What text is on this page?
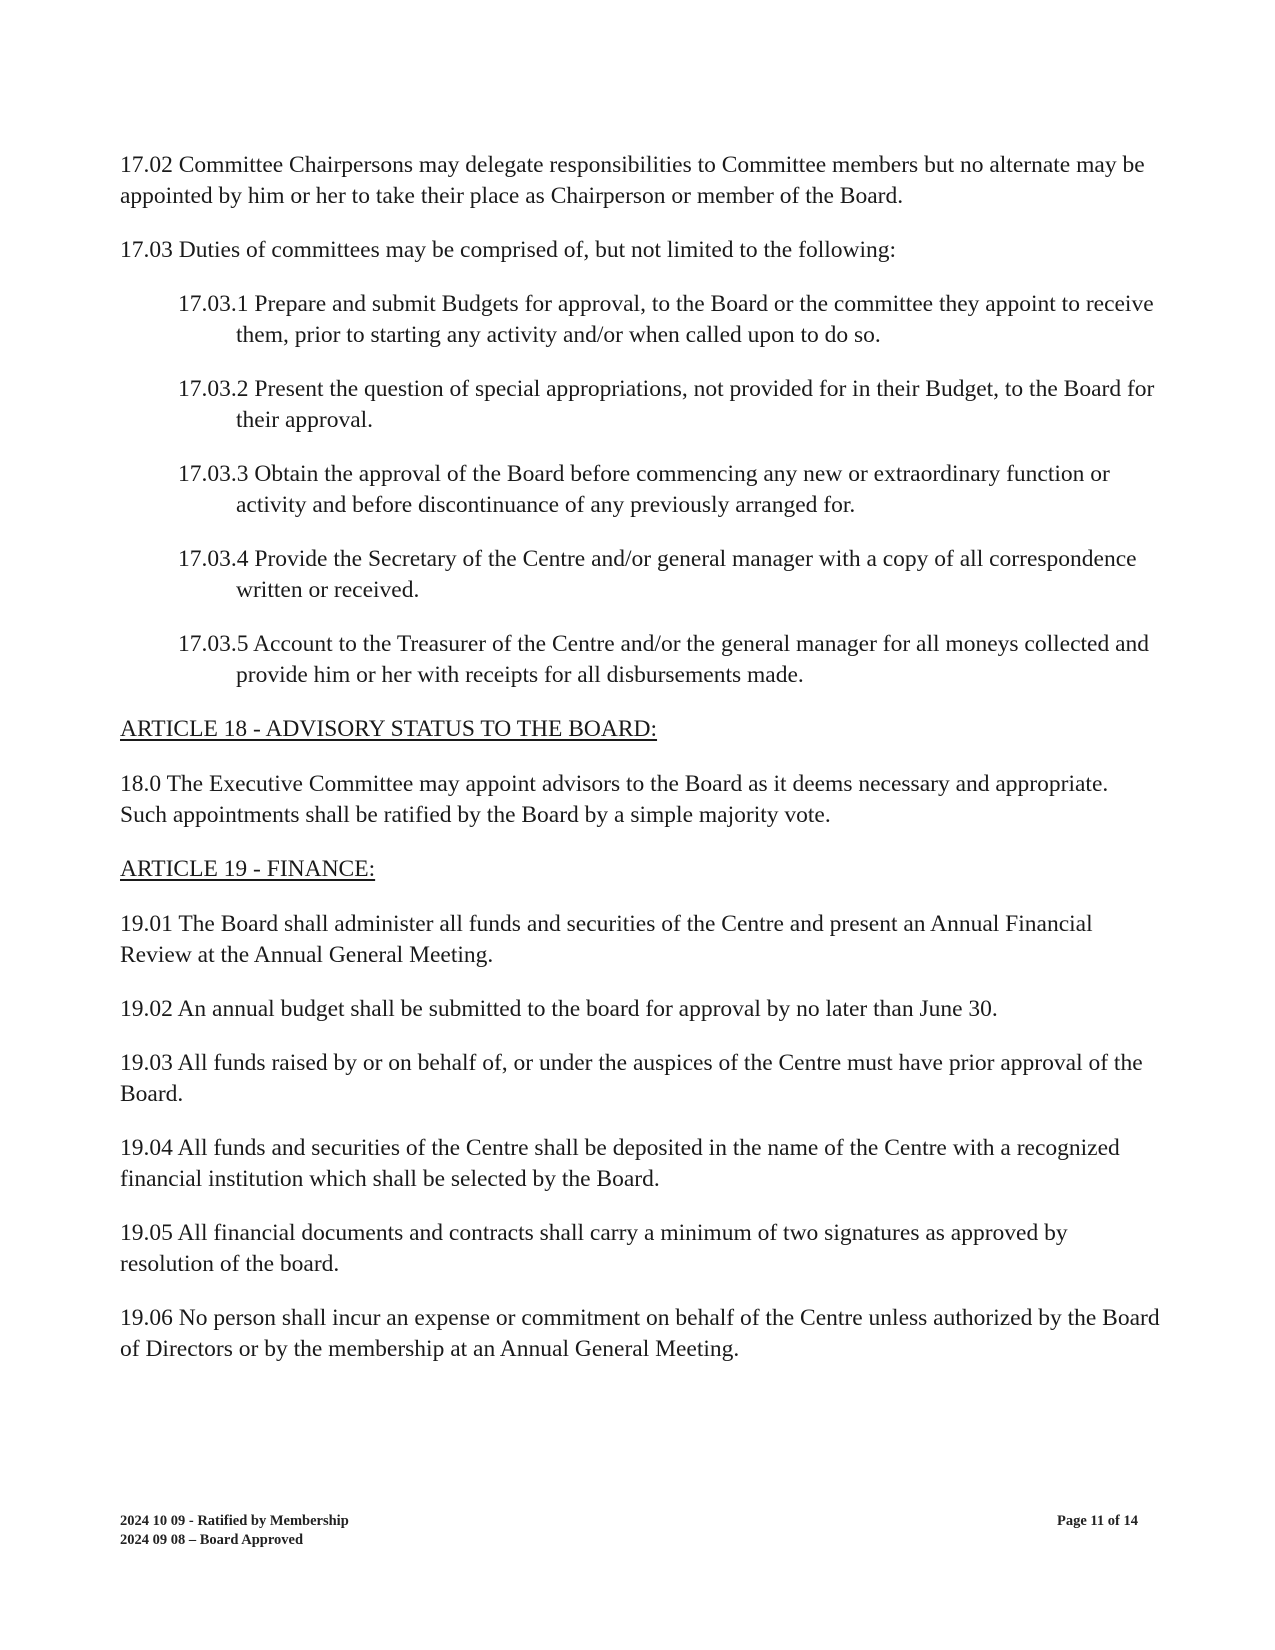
17.02 Committee Chairpersons may delegate responsibilities to Committee members but no alternate may be appointed by him or her to take their place as Chairperson or member of the Board.

17.03 Duties of committees may be comprised of, but not limited to the following:

17.03.1 Prepare and submit Budgets for approval, to the Board or the committee they appoint to receive them, prior to starting any activity and/or when called upon to do so.

17.03.2 Present the question of special appropriations, not provided for in their Budget, to the Board for their approval.

17.03.3 Obtain the approval of the Board before commencing any new or extraordinary function or activity and before discontinuance of any previously arranged for.

17.03.4 Provide the Secretary of the Centre and/or general manager with a copy of all correspondence written or received.

17.03.5 Account to the Treasurer of the Centre and/or the general manager for all moneys collected and provide him or her with receipts for all disbursements made.

ARTICLE 18 - ADVISORY STATUS TO THE BOARD:

18.0 The Executive Committee may appoint advisors to the Board as it deems necessary and appropriate. Such appointments shall be ratified by the Board by a simple majority vote.

ARTICLE 19 - FINANCE:

19.01 The Board shall administer all funds and securities of the Centre and present an Annual Financial Review at the Annual General Meeting.

19.02 An annual budget shall be submitted to the board for approval by no later than June 30.

19.03 All funds raised by or on behalf of, or under the auspices of the Centre must have prior approval of the Board.

19.04 All funds and securities of the Centre shall be deposited in the name of the Centre with a recognized financial institution which shall be selected by the Board.

19.05 All financial documents and contracts shall carry a minimum of two signatures as approved by resolution of the board.

19.06 No person shall incur an expense or commitment on behalf of the Centre unless authorized by the Board of Directors or by the membership at an Annual General Meeting.

2024 10 09 - Ratified by Membership
2024 09 08 – Board Approved
Page 11 of 14
